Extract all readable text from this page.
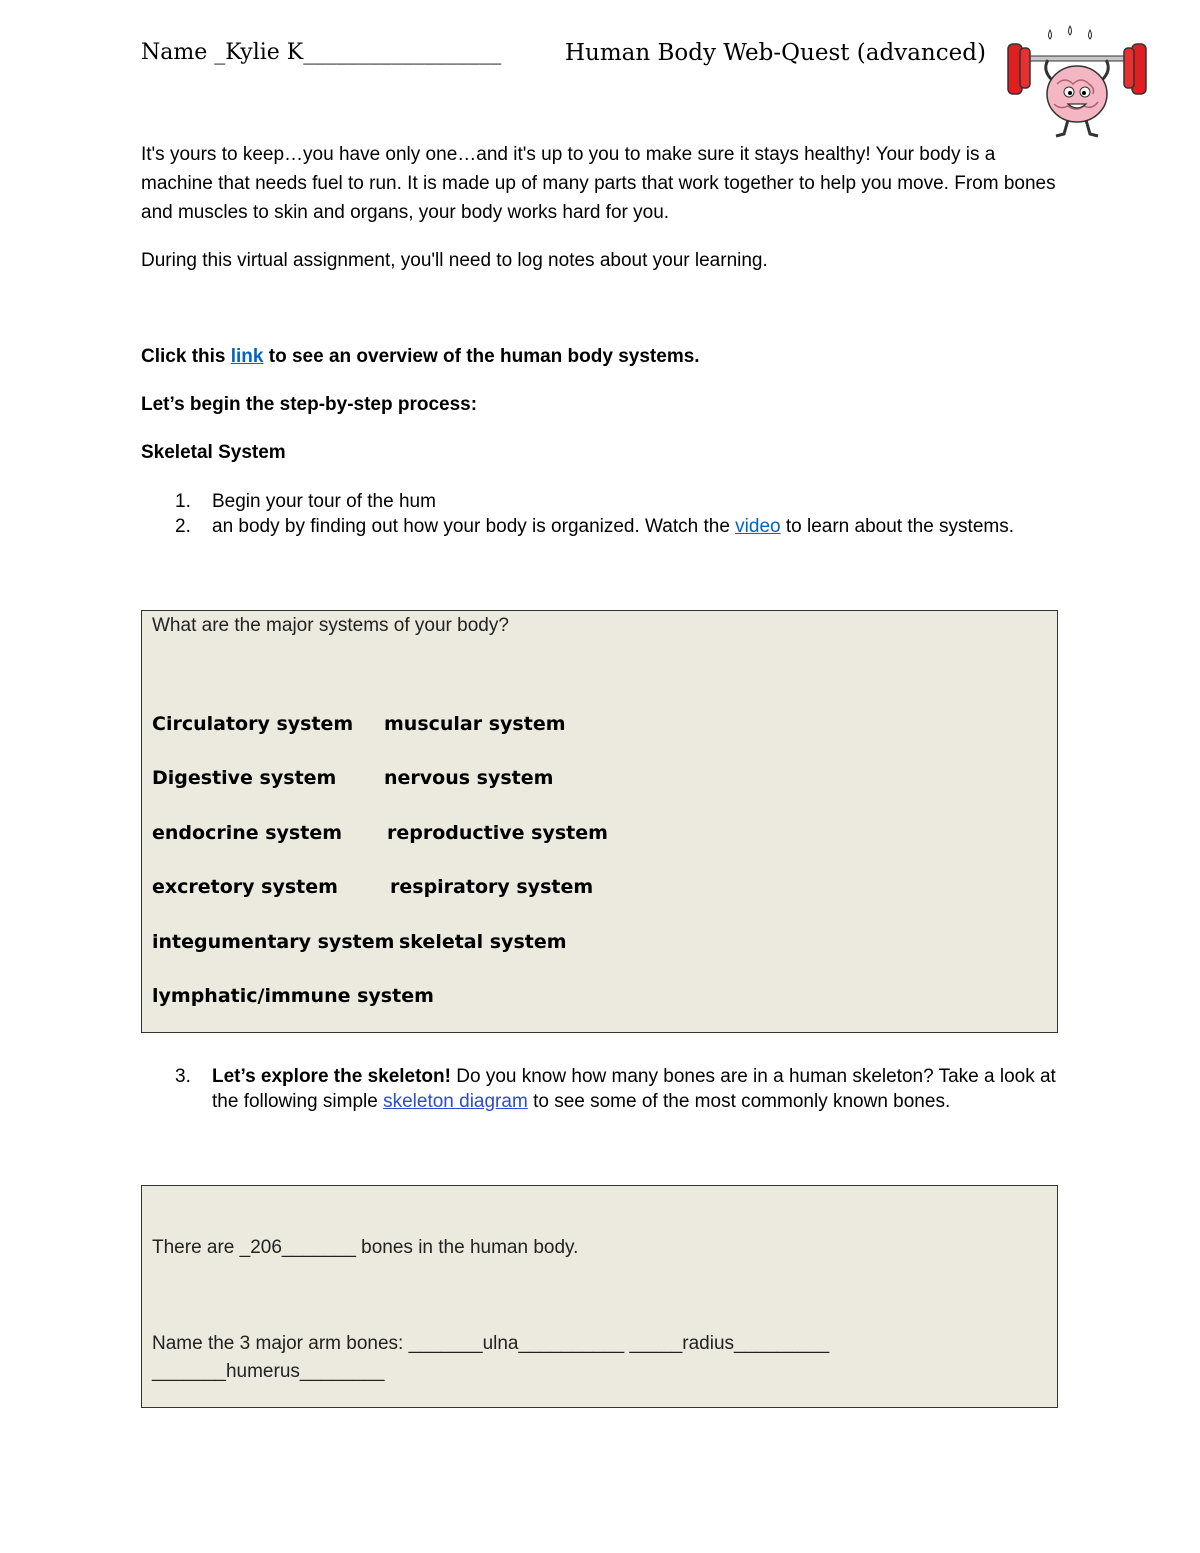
Name _Kylie K__________________	Human Body Web-Quest (advanced)
It's yours to keep…you have only one…and it's up to you to make sure it stays healthy! Your body is a machine that needs fuel to run. It is made up of many parts that work together to help you move. From bones and muscles to skin and organs, your body works hard for you.
During this virtual assignment, you'll need to log notes about your learning.
Click this link to see an overview of the human body systems.
Let’s begin the step-by-step process:
Skeletal System
1. Begin your tour of the hum
2. an body by finding out how your body is organized. Watch the video to learn about the systems.
What are the major systems of your body?
Circulatory system muscular system
Digestive system	nervous system
endocrine system reproductive system
excretory system	respiratory system
integumentary system skeletal system
lymphatic/immune system
3. Let’s explore the skeleton! Do you know how many bones are in a human skeleton? Take a look at the following simple skeleton diagram to see some of the most commonly known bones.
There are _206_______ bones in the human body.
Name the 3 major arm bones: _______ulna__________ _____radius_________
_______humerus________
